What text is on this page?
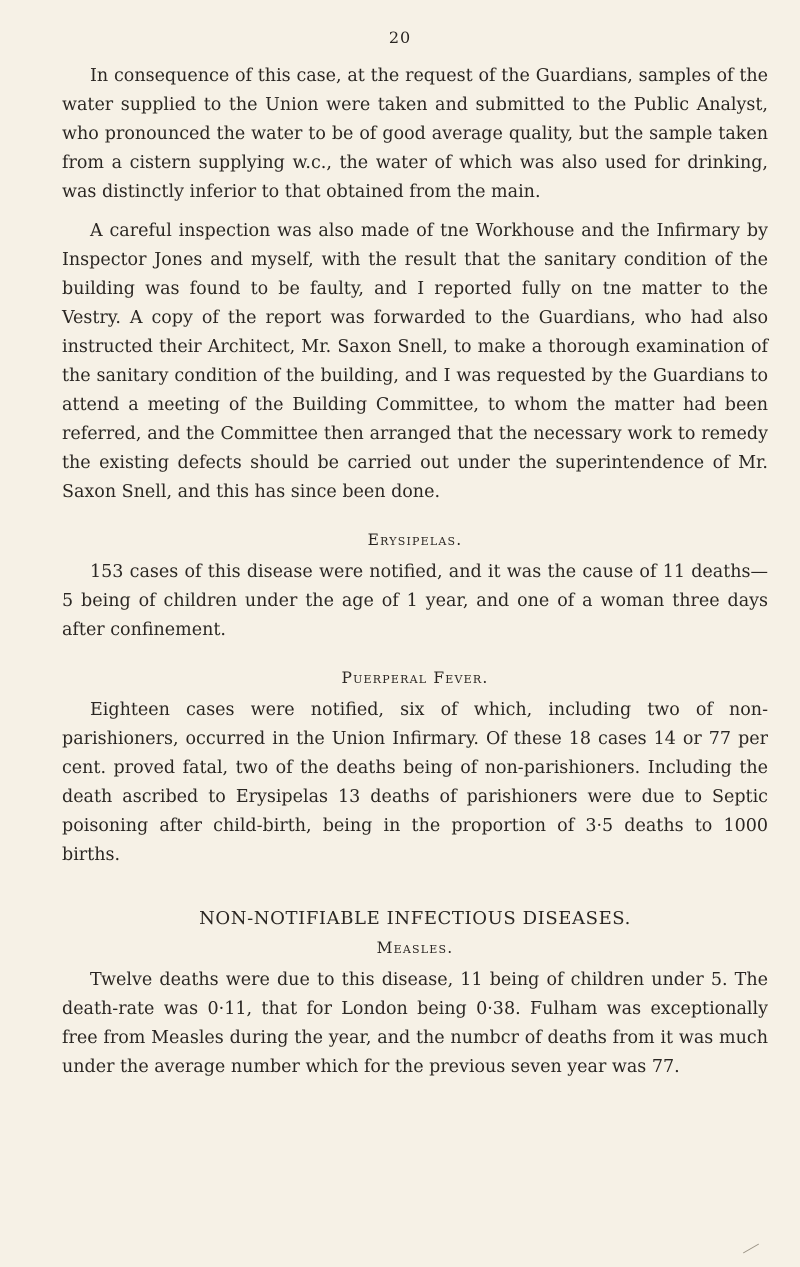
20

In consequence of this case, at the request of the Guardians, samples of the water supplied to the Union were taken and submitted to the Public Analyst, who pronounced the water to be of good average quality, but the sample taken from a cistern supplying w.c., the water of which was also used for drinking, was distinctly inferior to that obtained from the main.

A careful inspection was also made of tne Workhouse and the Infirmary by Inspector Jones and myself, with the result that the sanitary condition of the building was found to be faulty, and I reported fully on tne matter to the Vestry. A copy of the report was forwarded to the Guardians, who had also instructed their Architect, Mr. Saxon Snell, to make a thorough examination of the sanitary condition of the building, and I was requested by the Guardians to attend a meeting of the Building Committee, to whom the matter had been referred, and the Committee then arranged that the necessary work to remedy the existing defects should be carried out under the superintendence of Mr. Saxon Snell, and this has since been done.

Erysipelas.

153 cases of this disease were notified, and it was the cause of 11 deaths—5 being of children under the age of 1 year, and one of a woman three days after confinement.

Puerperal Fever.

Eighteen cases were notified, six of which, including two of non-parishioners, occurred in the Union Infirmary. Of these 18 cases 14 or 77 per cent. proved fatal, two of the deaths being of non-parishioners. Including the death ascribed to Erysipelas 13 deaths of parishioners were due to Septic poisoning after child-birth, being in the proportion of 3·5 deaths to 1000 births.

NON-NOTIFIABLE INFECTIOUS DISEASES.
Measles.

Twelve deaths were due to this disease, 11 being of children under 5. The death-rate was 0·11, that for London being 0·38. Fulham was exceptionally free from Measles during the year, and the numbcr of deaths from it was much under the average number which for the previous seven year was 77.
